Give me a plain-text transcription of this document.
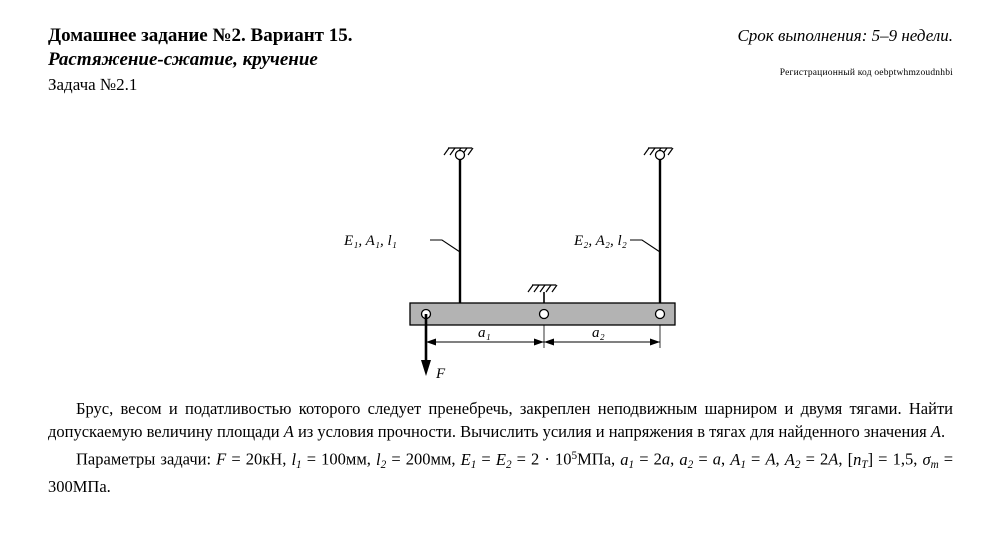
Домашнее задание №2. Вариант 15.
Растяжение-сжатие, кручение
Задача №2.1
Срок выполнения: 5–9 недели.
Регистрационный код oebptwhmzoudnhbi
E₁, A₁, l₁	E₂, A₂, l₂
a₁	a₂
F

Брус, весом и податливостью которого следует пренебречь, закреплен неподвижным шарниром и двумя тягами. Найти допускаемую величину площади A из условия прочности. Вычислить усилия и напряжения в тягах для найденного значения A.

Параметры задачи: F = 20кН, $l_1 = 100мм$, $l_2 = 200мм$, $E_1 = E_2 = 2 \cdot 10^5МПа$, $a_1 = 2a$, $a_2 = a$, $A_1 = A$, $A_2 = 2A$, $[n_T] = 1,5$, $\sigma_т = 300МПа$.
